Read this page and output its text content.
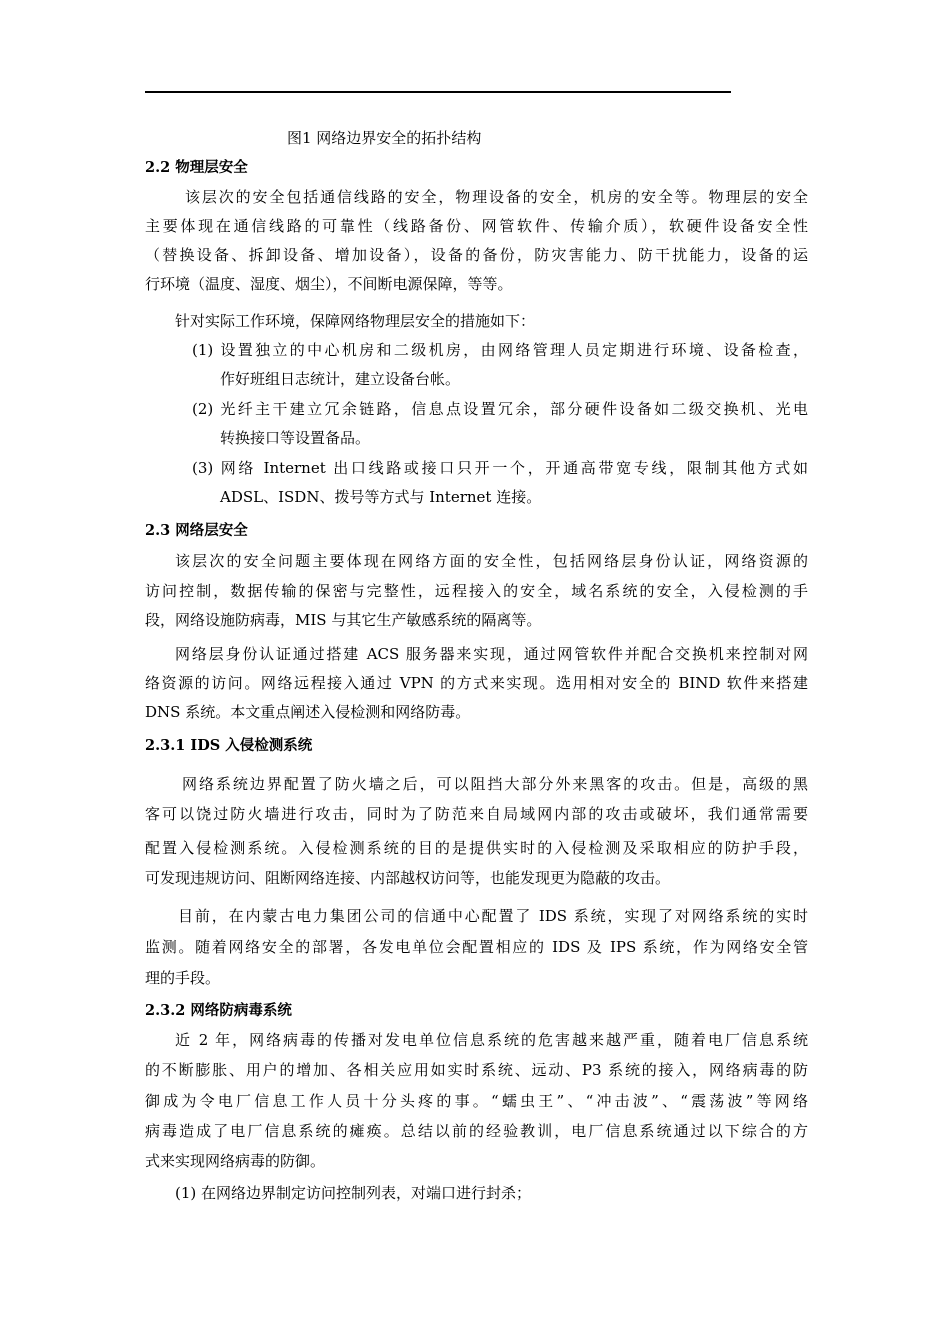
图1 网络边界安全的拓扑结构
2.2 物理层安全
该层次的安全包括通信线路的安全，物理设备的安全，机房的安全等。物理层的安全
主要体现在通信线路的可靠性（线路备份、网管软件、传输介质），软硬件设备安全性
（替换设备、拆卸设备、增加设备），设备的备份，防灾害能力、防干扰能力，设备的运
行环境（温度、湿度、烟尘），不间断电源保障，等等。
针对实际工作环境，保障网络物理层安全的措施如下：
(1) 设置独立的中心机房和二级机房，由网络管理人员定期进行环境、设备检查，
作好班组日志统计，建立设备台帐。
(2) 光纤主干建立冗余链路，信息点设置冗余，部分硬件设备如二级交换机、光电
转换接口等设置备品。
(3) 网络 Internet 出口线路或接口只开一个，开通高带宽专线，限制其他方式如
ADSL、ISDN、拨号等方式与 Internet 连接。
2.3 网络层安全
该层次的安全问题主要体现在网络方面的安全性，包括网络层身份认证，网络资源的
访问控制，数据传输的保密与完整性，远程接入的安全，域名系统的安全，入侵检测的手
段，网络设施防病毒，MIS 与其它生产敏感系统的隔离等。
网络层身份认证通过搭建 ACS 服务器来实现，通过网管软件并配合交换机来控制对网
络资源的访问。网络远程接入通过 VPN 的方式来实现。选用相对安全的 BIND 软件来搭建
DNS 系统。本文重点阐述入侵检测和网络防毒。
2.3.1 IDS 入侵检测系统
网络系统边界配置了防火墙之后，可以阻挡大部分外来黑客的攻击。但是，高级的黑
客可以饶过防火墙进行攻击，同时为了防范来自局域网内部的攻击或破坏，我们通常需要
配置入侵检测系统。入侵检测系统的目的是提供实时的入侵检测及采取相应的防护手段，
可发现违规访问、阻断网络连接、内部越权访问等，也能发现更为隐蔽的攻击。
目前，在内蒙古电力集团公司的信通中心配置了 IDS 系统，实现了对网络系统的实时
监测。随着网络安全的部署，各发电单位会配置相应的 IDS 及 IPS 系统，作为网络安全管
理的手段。
2.3.2 网络防病毒系统
近 2 年，网络病毒的传播对发电单位信息系统的危害越来越严重，随着电厂信息系统
的不断膨胀、用户的增加、各相关应用如实时系统、远动、P3 系统的接入，网络病毒的防
御成为令电厂信息工作人员十分头疼的事。“蠕虫王”、“冲击波”、“震荡波”等网络
病毒造成了电厂信息系统的瘫痪。总结以前的经验教训，电厂信息系统通过以下综合的方
式来实现网络病毒的防御。
(1) 在网络边界制定访问控制列表，对端口进行封杀；
